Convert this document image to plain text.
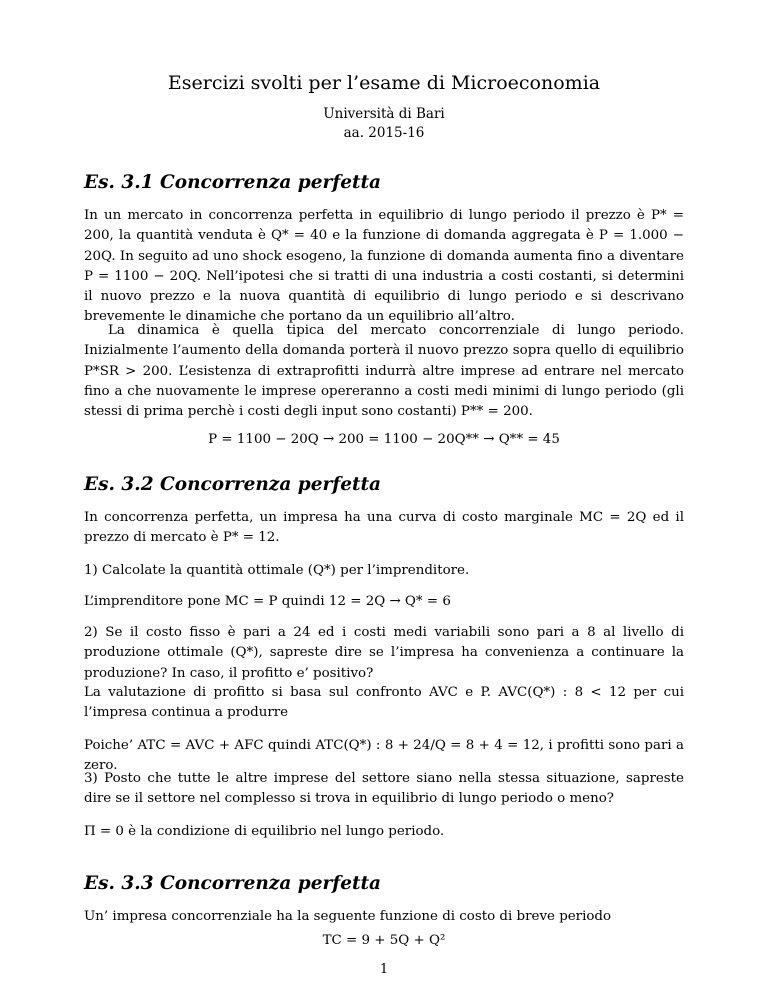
Esercizi svolti per l’esame di Microeconomia
Università di Bari
aa. 2015-16
Es. 3.1 Concorrenza perfetta

In un mercato in concorrenza perfetta in equilibrio di lungo periodo il prezzo è P* = 200, la quantità venduta è Q* = 40 e la funzione di domanda aggregata è P = 1.000 − 20Q. In seguito ad uno shock esogeno, la funzione di domanda aumenta fino a diventare P = 1100 − 20Q. Nell’ipotesi che si tratti di una industria a costi costanti, si determini il nuovo prezzo e la nuova quantità di equilibrio di lungo periodo e si descrivano brevemente le dinamiche che portano da un equilibrio all’altro.

La dinamica è quella tipica del mercato concorrenziale di lungo periodo. Inizialmente l’aumento della domanda porterà il nuovo prezzo sopra quello di equilibrio P*SR > 200. L’esistenza di extraprofitti indurrà altre imprese ad entrare nel mercato fino a che nuovamente le imprese opereranno a costi medi minimi di lungo periodo (gli stessi di prima perchè i costi degli input sono costanti) P** = 200.

P = 1100 − 20Q → 200 = 1100 − 20Q** → Q** = 45
Es. 3.2 Concorrenza perfetta

In concorrenza perfetta, un impresa ha una curva di costo marginale MC = 2Q ed il prezzo di mercato è P* = 12.

1) Calcolate la quantità ottimale (Q*) per l’imprenditore.

L’imprenditore pone MC = P quindi 12 = 2Q → Q* = 6

2) Se il costo fisso è pari a 24 ed i costi medi variabili sono pari a 8 al livello di produzione ottimale (Q*), sapreste dire se l’impresa ha convenienza a continuare la produzione? In caso, il profitto e’ positivo?

La valutazione di profitto si basa sul confronto AVC e P. AVC(Q*) : 8 < 12 per cui l’impresa continua a produrre

Poiche’ ATC = AVC + AFC quindi ATC(Q*) : 8 + 24/Q = 8 + 4 = 12, i profitti sono pari a zero.

3) Posto che tutte le altre imprese del settore siano nella stessa situazione, sapreste dire se il settore nel complesso si trova in equilibrio di lungo periodo o meno?

Π = 0 è la condizione di equilibrio nel lungo periodo.

Es. 3.3 Concorrenza perfetta

Un’ impresa concorrenziale ha la seguente funzione di costo di breve periodo

TC = 9 + 5Q + Q²
1
